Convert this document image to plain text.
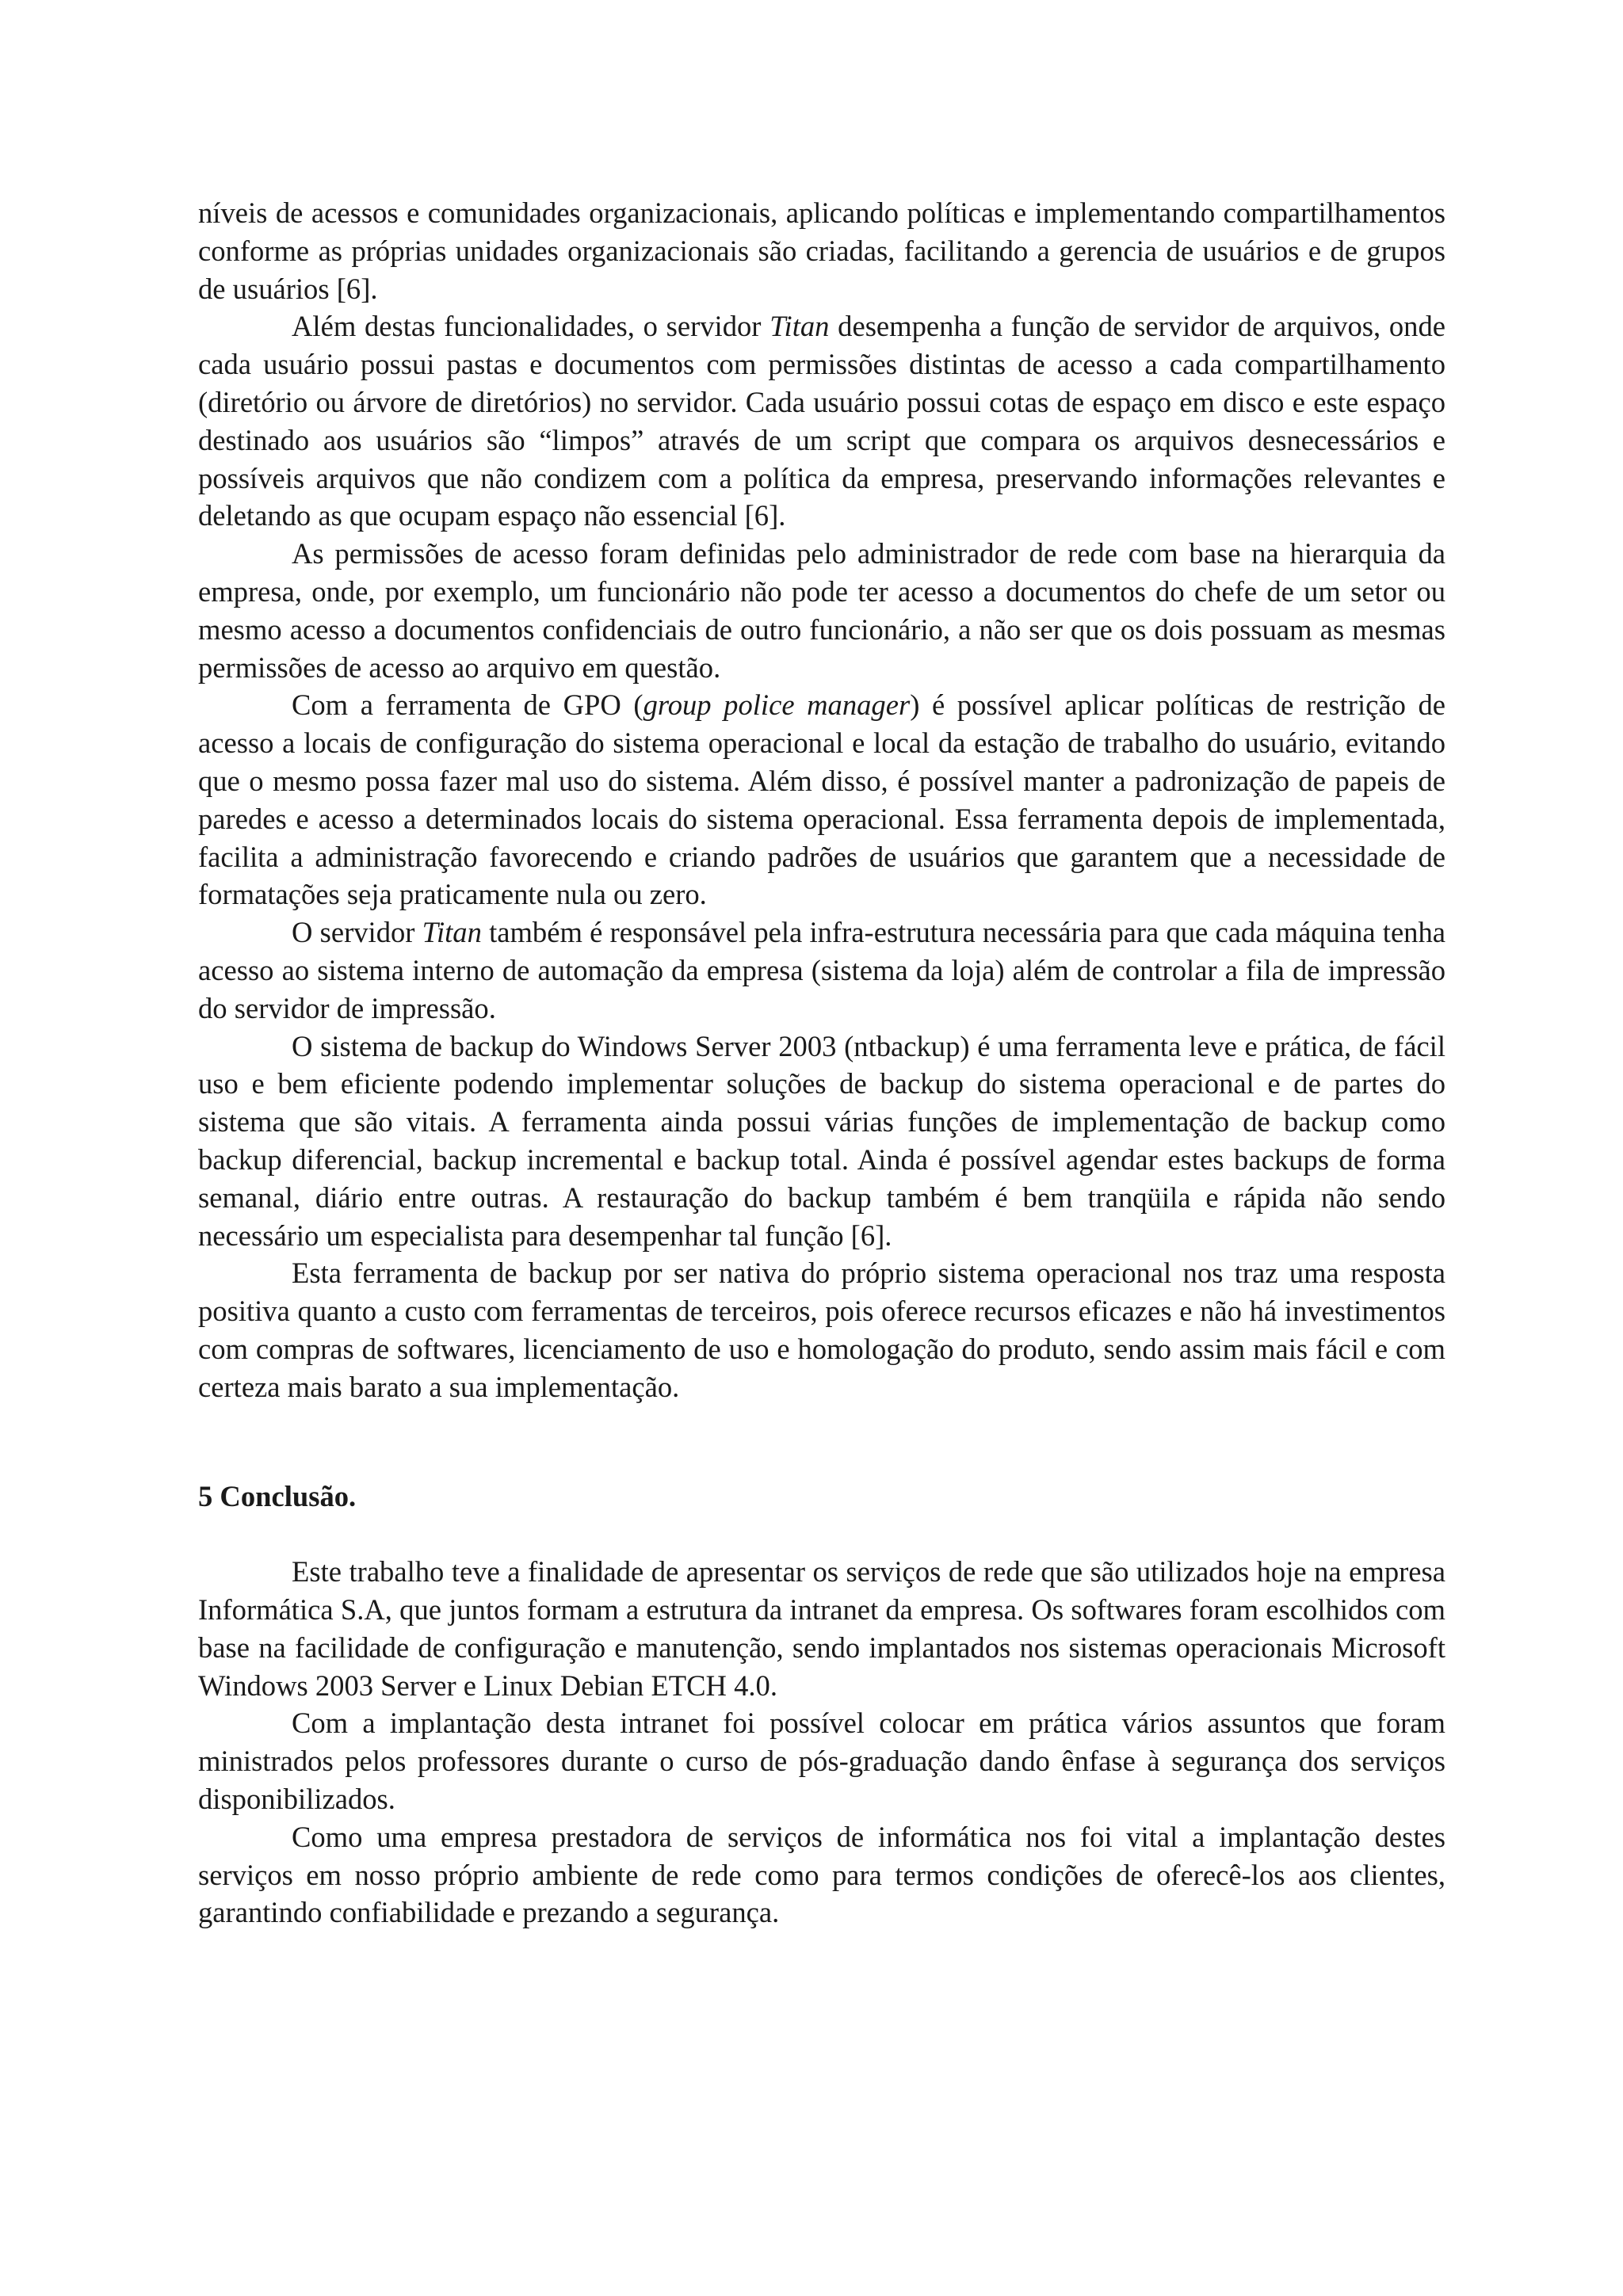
níveis de acessos e comunidades organizacionais, aplicando políticas e implementando compartilhamentos conforme as próprias unidades organizacionais são criadas, facilitando a gerencia de usuários e de grupos de usuários [6].

Além destas funcionalidades, o servidor Titan desempenha a função de servidor de arquivos, onde cada usuário possui pastas e documentos com permissões distintas de acesso a cada compartilhamento (diretório ou árvore de diretórios) no servidor. Cada usuário possui cotas de espaço em disco e este espaço destinado aos usuários são “limpos” através de um script que compara os arquivos desnecessários e possíveis arquivos que não condizem com a política da empresa, preservando informações relevantes e deletando as que ocupam espaço não essencial [6].

As permissões de acesso foram definidas pelo administrador de rede com base na hierarquia da empresa, onde, por exemplo, um funcionário não pode ter acesso a documentos do chefe de um setor ou mesmo acesso a documentos confidenciais de outro funcionário, a não ser que os dois possuam as mesmas permissões de acesso ao arquivo em questão.

Com a ferramenta de GPO (group police manager) é possível aplicar políticas de restrição de acesso a locais de configuração do sistema operacional e local da estação de trabalho do usuário, evitando que o mesmo possa fazer mal uso do sistema. Além disso, é possível manter a padronização de papeis de paredes e acesso a determinados locais do sistema operacional. Essa ferramenta depois de implementada, facilita a administração favorecendo e criando padrões de usuários que garantem que a necessidade de formatações seja praticamente nula ou zero.

O servidor Titan também é responsável pela infra-estrutura necessária para que cada máquina tenha acesso ao sistema interno de automação da empresa (sistema da loja) além de controlar a fila de impressão do servidor de impressão.

O sistema de backup do Windows Server 2003 (ntbackup) é uma ferramenta leve e prática, de fácil uso e bem eficiente podendo implementar soluções de backup do sistema operacional e de partes do sistema que são vitais. A ferramenta ainda possui várias funções de implementação de backup como backup diferencial, backup incremental e backup total. Ainda é possível agendar estes backups de forma semanal, diário entre outras. A restauração do backup também é bem tranqüila e rápida não sendo necessário um especialista para desempenhar tal função [6].

Esta ferramenta de backup por ser nativa do próprio sistema operacional nos traz uma resposta positiva quanto a custo com ferramentas de terceiros, pois oferece recursos eficazes e não há investimentos com compras de softwares, licenciamento de uso e homologação do produto, sendo assim mais fácil e com certeza mais barato a sua implementação.

5 Conclusão.

Este trabalho teve a finalidade de apresentar os serviços de rede que são utilizados hoje na empresa Informática S.A, que juntos formam a estrutura da intranet da empresa. Os softwares foram escolhidos com base na facilidade de configuração e manutenção, sendo implantados nos sistemas operacionais Microsoft Windows 2003 Server e Linux Debian ETCH 4.0.

Com a implantação desta intranet foi possível colocar em prática vários assuntos que foram ministrados pelos professores durante o curso de pós-graduação dando ênfase à segurança dos serviços disponibilizados.

Como uma empresa prestadora de serviços de informática nos foi vital a implantação destes serviços em nosso próprio ambiente de rede como para termos condições de oferecê-los aos clientes, garantindo confiabilidade e prezando a segurança.
